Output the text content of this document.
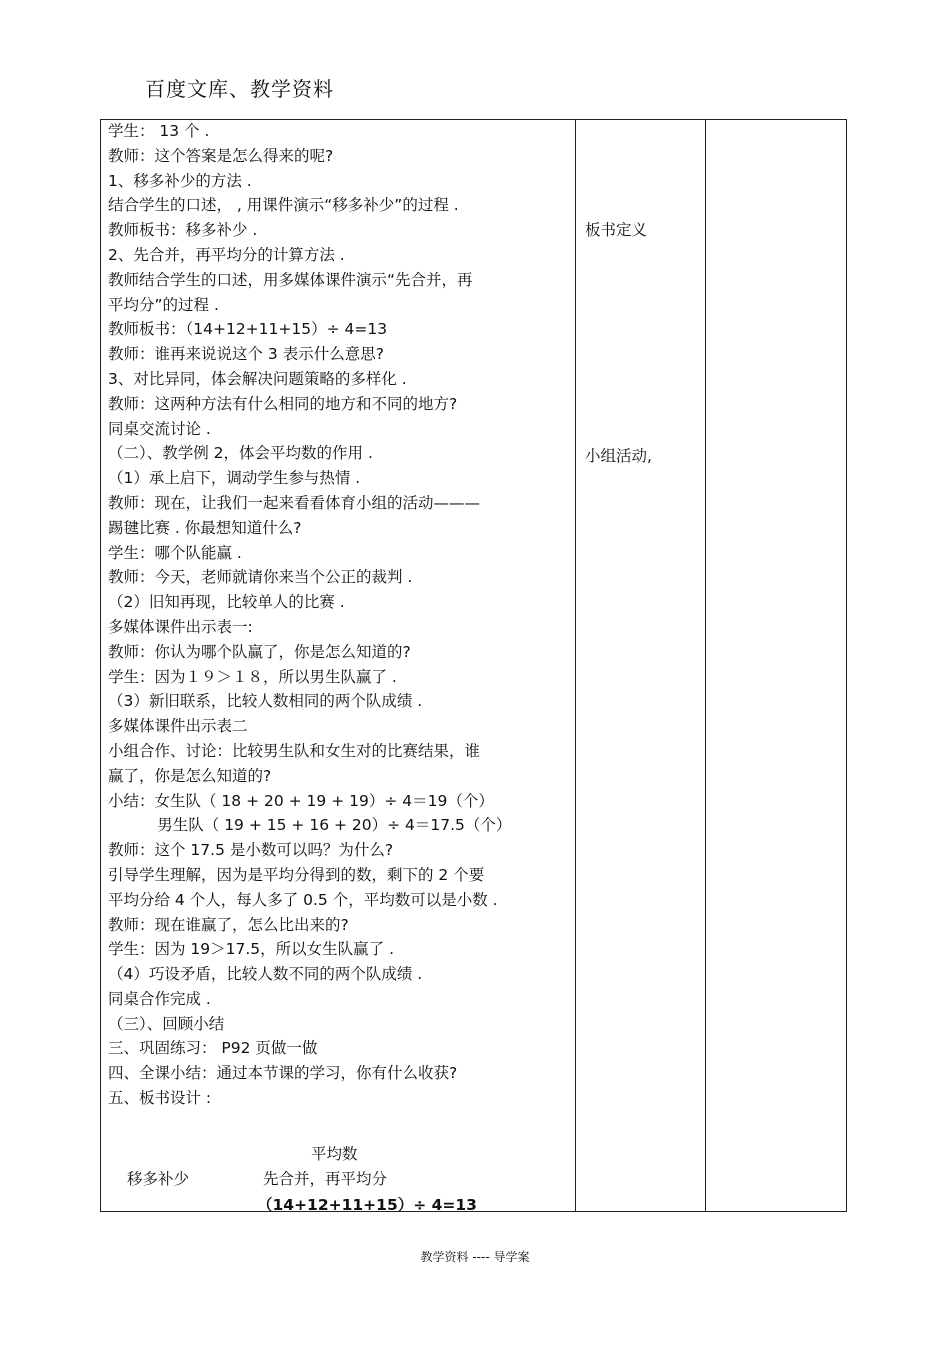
百度文库、教学资料
学生： 13 个 .
教师：这个答案是怎么得来的呢?
1、移多补少的方法 .
结合学生的口述， , 用课件演示“移多补少”的过程 .
教师板书：移多补少 .
2、先合并，再平均分的计算方法 .
教师结合学生的口述，用多媒体课件演示“先合并，再
平均分”的过程 .
教师板书：（14+12+11+15）÷ 4=13
教师：谁再来说说这个 3 表示什么意思?
3、对比异同，体会解决问题策略的多样化 .
教师：这两种方法有什么相同的地方和不同的地方?
同桌交流讨论 .
（二）、教学例 2，体会平均数的作用 .
（1）承上启下，调动学生参与热情 .
教师：现在，让我们一起来看看体育小组的活动———
踢毽比赛 . 你最想知道什么?
学生：哪个队能赢 .
教师：今天，老师就请你来当个公正的裁判 .
（2）旧知再现，比较单人的比赛 .
多媒体课件出示表一:
教师：你认为哪个队赢了，你是怎么知道的?
学生：因为１９＞１８，所以男生队赢了 .
（3）新旧联系，比较人数相同的两个队成绩 .
多媒体课件出示表二
小组合作、讨论：比较男生队和女生对的比赛结果，谁
赢了，你是怎么知道的?
小结：女生队（ 18 + 20 + 19 + 19）÷ 4＝19（个）
男生队（ 19 + 15 + 16 + 20）÷ 4＝17.5（个）
教师：这个 17.5 是小数可以吗？为什么?
引导学生理解，因为是平均分得到的数，剩下的 2 个要
平均分给 4 个人，每人多了 0.5 个，平均数可以是小数 .
教师：现在谁赢了，怎么比出来的?
学生：因为 19＞17.5，所以女生队赢了 .
（4）巧设矛盾，比较人数不同的两个队成绩 .
同桌合作完成 .
（三）、回顾小结
三、巩固练习： P92 页做一做
四、全课小结：通过本节课的学习，你有什么收获?
五、板书设计 :
板书定义
小组活动,
平均数
移多补少	先合并，再平均分
（14+12+11+15）÷ 4=13
教学资料 ---- 导学案
